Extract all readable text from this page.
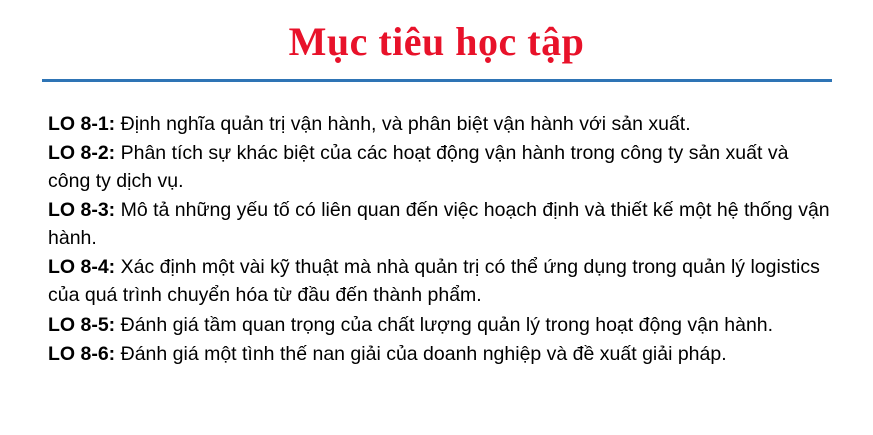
Mục tiêu học tập

LO 8-1: Định nghĩa quản trị vận hành, và phân biệt vận hành với sản xuất.

LO 8-2: Phân tích sự khác biệt của các hoạt động vận hành trong công ty sản xuất và công ty dịch vụ.

LO 8-3: Mô tả những yếu tố có liên quan đến việc hoạch định và thiết kế một hệ thống vận hành.

LO 8-4: Xác định một vài kỹ thuật mà nhà quản trị có thể ứng dụng trong quản lý logistics của quá trình chuyển hóa từ đầu đến thành phẩm.

LO 8-5: Đánh giá tầm quan trọng của chất lượng quản lý trong hoạt động vận hành.

LO 8-6: Đánh giá một tình thế nan giải của doanh nghiệp và đề xuất giải pháp.
